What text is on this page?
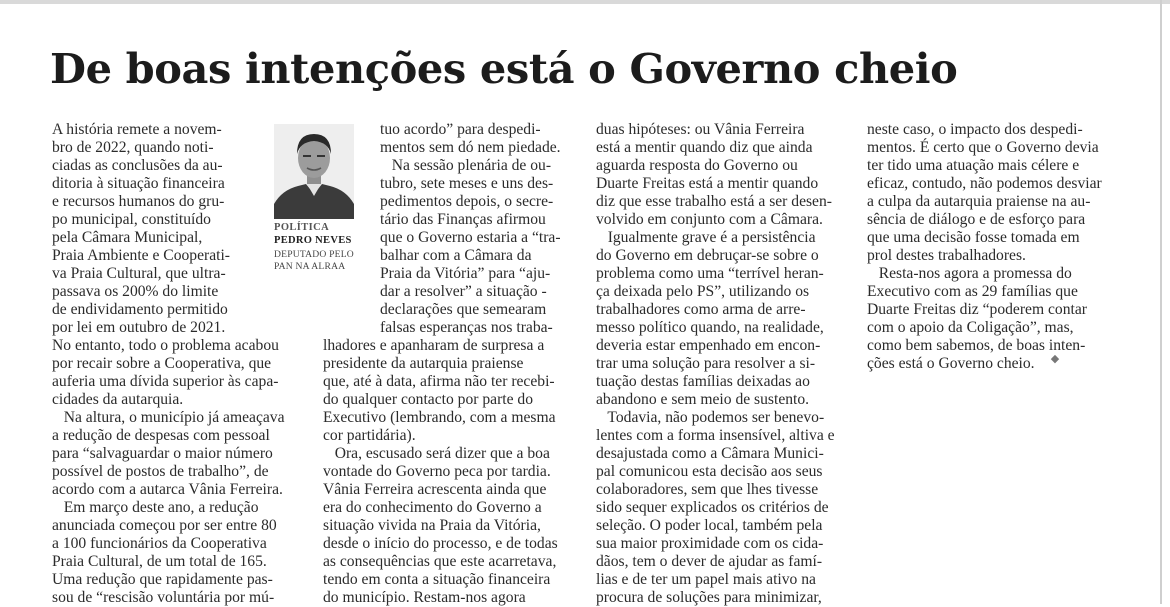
De boas intenções está o Governo cheio
POLÍTICA
PEDRO NEVES
DEPUTADO PELO
PAN NA ALRAA
A história remete a novem-
bro de 2022, quando noti-
ciadas as conclusões da au-
ditoria à situação financeira
e recursos humanos do gru-
po municipal, constituído
pela Câmara Municipal,
Praia Ambiente e Cooperati-
va Praia Cultural, que ultra-
passava os 200% do limite
de endividamento permitido
por lei em outubro de 2021.
No entanto, todo o problema acabou
por recair sobre a Cooperativa, que
auferia uma dívida superior às capa-
cidades da autarquia.
Na altura, o município já ameaçava
a redução de despesas com pessoal
para “salvaguardar o maior número
possível de postos de trabalho”, de
acordo com a autarca Vânia Ferreira.
Em março deste ano, a redução
anunciada começou por ser entre 80
a 100 funcionários da Cooperativa
Praia Cultural, de um total de 165.
Uma redução que rapidamente pas-
sou de “rescisão voluntária por mú-
tuo acordo” para despedi-
mentos sem dó nem piedade.
Na sessão plenária de ou-
tubro, sete meses e uns des-
pedimentos depois, o secre-
tário das Finanças afirmou
que o Governo estaria a “tra-
balhar com a Câmara da
Praia da Vitória” para “aju-
dar a resolver” a situação -
declarações que semearam
falsas esperanças nos traba-
lhadores e apanharam de surpresa a
presidente da autarquia praiense
que, até à data, afirma não ter recebi-
do qualquer contacto por parte do
Executivo (lembrando, com a mesma
cor partidária).
Ora, escusado será dizer que a boa
vontade do Governo peca por tardia.
Vânia Ferreira acrescenta ainda que
era do conhecimento do Governo a
situação vivida na Praia da Vitória,
desde o início do processo, e de todas
as consequências que este acarretava,
tendo em conta a situação financeira
do município. Restam-nos agora
duas hipóteses: ou Vânia Ferreira
está a mentir quando diz que ainda
aguarda resposta do Governo ou
Duarte Freitas está a mentir quando
diz que esse trabalho está a ser desen-
volvido em conjunto com a Câmara.
Igualmente grave é a persistência
do Governo em debruçar-se sobre o
problema como uma “terrível heran-
ça deixada pelo PS”, utilizando os
trabalhadores como arma de arre-
messo político quando, na realidade,
deveria estar empenhado em encon-
trar uma solução para resolver a si-
tuação destas famílias deixadas ao
abandono e sem meio de sustento.
Todavia, não podemos ser benevo-
lentes com a forma insensível, altiva e
desajustada como a Câmara Munici-
pal comunicou esta decisão aos seus
colaboradores, sem que lhes tivesse
sido sequer explicados os critérios de
seleção. O poder local, também pela
sua maior proximidade com os cida-
dãos, tem o dever de ajudar as famí-
lias e de ter um papel mais ativo na
procura de soluções para minimizar,
neste caso, o impacto dos despedi-
mentos. É certo que o Governo devia
ter tido uma atuação mais célere e
eficaz, contudo, não podemos desviar
a culpa da autarquia praiense na au-
sência de diálogo e de esforço para
que uma decisão fosse tomada em
prol destes trabalhadores.
Resta-nos agora a promessa do
Executivo com as 29 famílias que
Duarte Freitas diz “poderem contar
com o apoio da Coligação”, mas,
como bem sabemos, de boas inten-
ções está o Governo cheio. ◆
